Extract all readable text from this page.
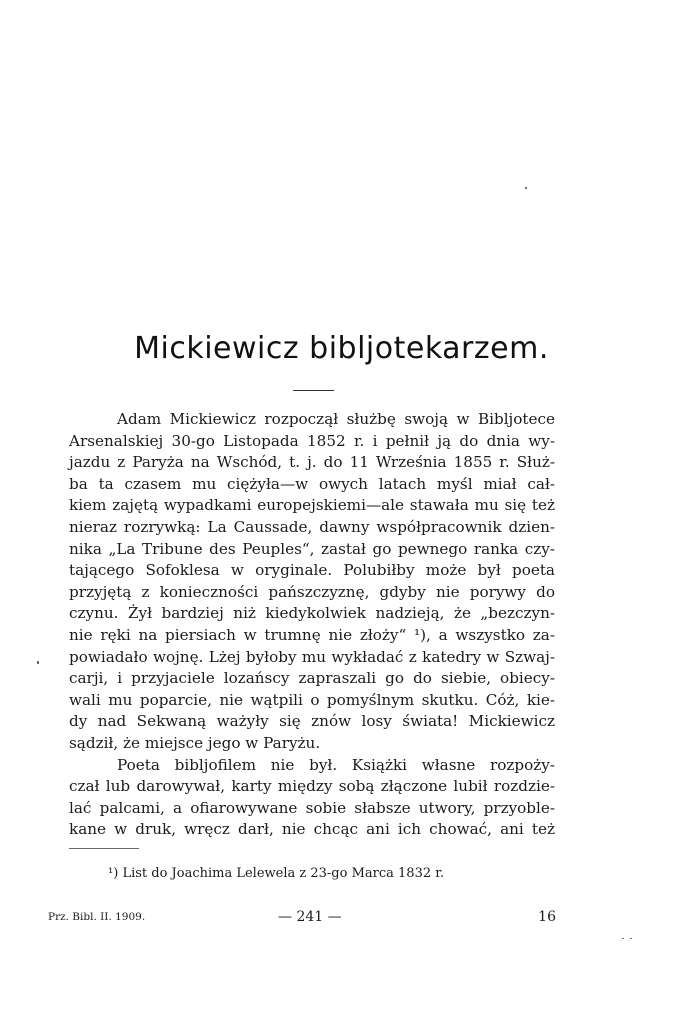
Mickiewicz bibljotekarzem.
Adam Mickiewicz rozpoczął służbę swoją w Bibljotece
Arsenalskiej 30-go Listopada 1852 r. i pełnił ją do dnia wy-
jazdu z Paryża na Wschód, t. j. do 11 Września 1855 r. Służ-
ba ta czasem mu ciężyła—w owych latach myśl miał cał-
kiem zajętą wypadkami europejskiemi—ale stawała mu się też
nieraz rozrywką: La Caussade, dawny współpracownik dzien-
nika „La Tribune des Peuples“, zastał go pewnego ranka czy-
tającego Sofoklesa w oryginale. Polubiłby może był poeta
przyjętą z konieczności pańszczyznę, gdyby nie porywy do
czynu. Żył bardziej niż kiedykolwiek nadzieją, że „bezczyn-
nie ręki na piersiach w trumnę nie złoży“ ¹), a wszystko za-
powiadało wojnę. Lżej byłoby mu wykładać z katedry w Szwaj-
carji, i przyjaciele lozańscy zapraszali go do siebie, obiecy-
wali mu poparcie, nie wątpili o pomyślnym skutku. Cóż, kie-
dy nad Sekwaną ważyły się znów losy świata! Mickiewicz
sądził, że miejsce jego w Paryżu.
Poeta bibljofilem nie był. Książki własne rozpoży-
czał lub darowywał, karty między sobą złączone lubił rozdzie-
lać palcami, a ofiarowywane sobie słabsze utwory, przyoble-
kane w druk, wręcz darł, nie chcąc ani ich chować, ani też
¹) List do Joachima Lelewela z 23-go Marca 1832 r.
Prz. Bibl. II. 1909.	— 241 —	16
